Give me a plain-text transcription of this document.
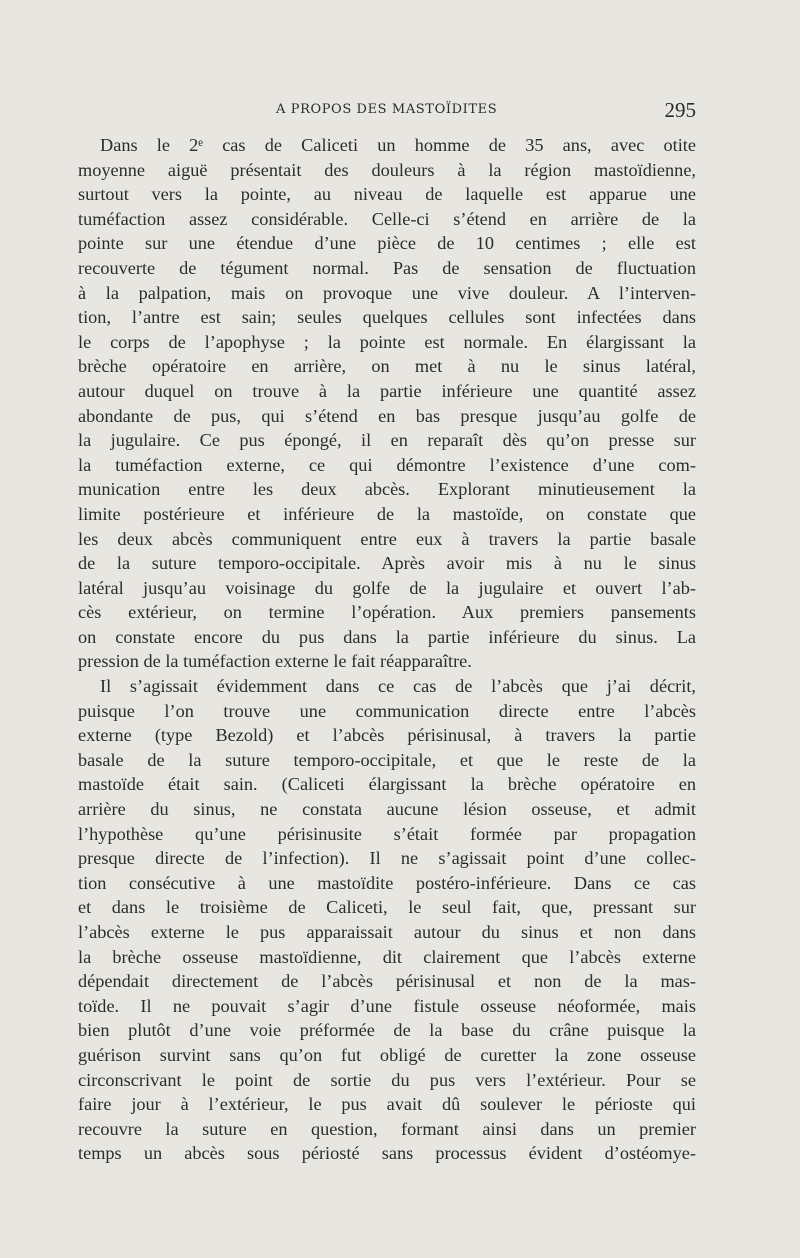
A PROPOS DES MASTOÏDITES	295
Dans le 2ᵉ cas de Caliceti un homme de 35 ans, avec otite
moyenne aiguë présentait des douleurs à la région mastoïdienne,
surtout vers la pointe, au niveau de laquelle est apparue une
tuméfaction assez considérable. Celle-ci s’étend en arrière de la
pointe sur une étendue d’une pièce de 10 centimes ; elle est
recouverte de tégument normal. Pas de sensation de fluctuation
à la palpation, mais on provoque une vive douleur. A l’interven-
tion, l’antre est sain; seules quelques cellules sont infectées dans
le corps de l’apophyse ; la pointe est normale. En élargissant la
brèche opératoire en arrière, on met à nu le sinus latéral,
autour duquel on trouve à la partie inférieure une quantité assez
abondante de pus, qui s’étend en bas presque jusqu’au golfe de
la jugulaire. Ce pus épongé, il en reparaît dès qu’on presse sur
la tuméfaction externe, ce qui démontre l’existence d’une com-
munication entre les deux abcès. Explorant minutieusement la
limite postérieure et inférieure de la mastoïde, on constate que
les deux abcès communiquent entre eux à travers la partie basale
de la suture temporo-occipitale. Après avoir mis à nu le sinus
latéral jusqu’au voisinage du golfe de la jugulaire et ouvert l’ab-
cès extérieur, on termine l’opération. Aux premiers pansements
on constate encore du pus dans la partie inférieure du sinus. La
pression de la tuméfaction externe le fait réapparaître.
Il s’agissait évidemment dans ce cas de l’abcès que j’ai décrit,
puisque l’on trouve une communication directe entre l’abcès
externe (type Bezold) et l’abcès périsinusal, à travers la partie
basale de la suture temporo-occipitale, et que le reste de la
mastoïde était sain. (Caliceti élargissant la brèche opératoire en
arrière du sinus, ne constata aucune lésion osseuse, et admit
l’hypothèse qu’une périsinusite s’était formée par propagation
presque directe de l’infection). Il ne s’agissait point d’une collec-
tion consécutive à une mastoïdite postéro-inférieure. Dans ce cas
et dans le troisième de Caliceti, le seul fait, que, pressant sur
l’abcès externe le pus apparaissait autour du sinus et non dans
la brèche osseuse mastoïdienne, dit clairement que l’abcès externe
dépendait directement de l’abcès périsinusal et non de la mas-
toïde. Il ne pouvait s’agir d’une fistule osseuse néoformée, mais
bien plutôt d’une voie préformée de la base du crâne puisque la
guérison survint sans qu’on fut obligé de curetter la zone osseuse
circonscrivant le point de sortie du pus vers l’extérieur. Pour se
faire jour à l’extérieur, le pus avait dû soulever le périoste qui
recouvre la suture en question, formant ainsi dans un premier
temps un abcès sous périosté sans processus évident d’ostéomye-
